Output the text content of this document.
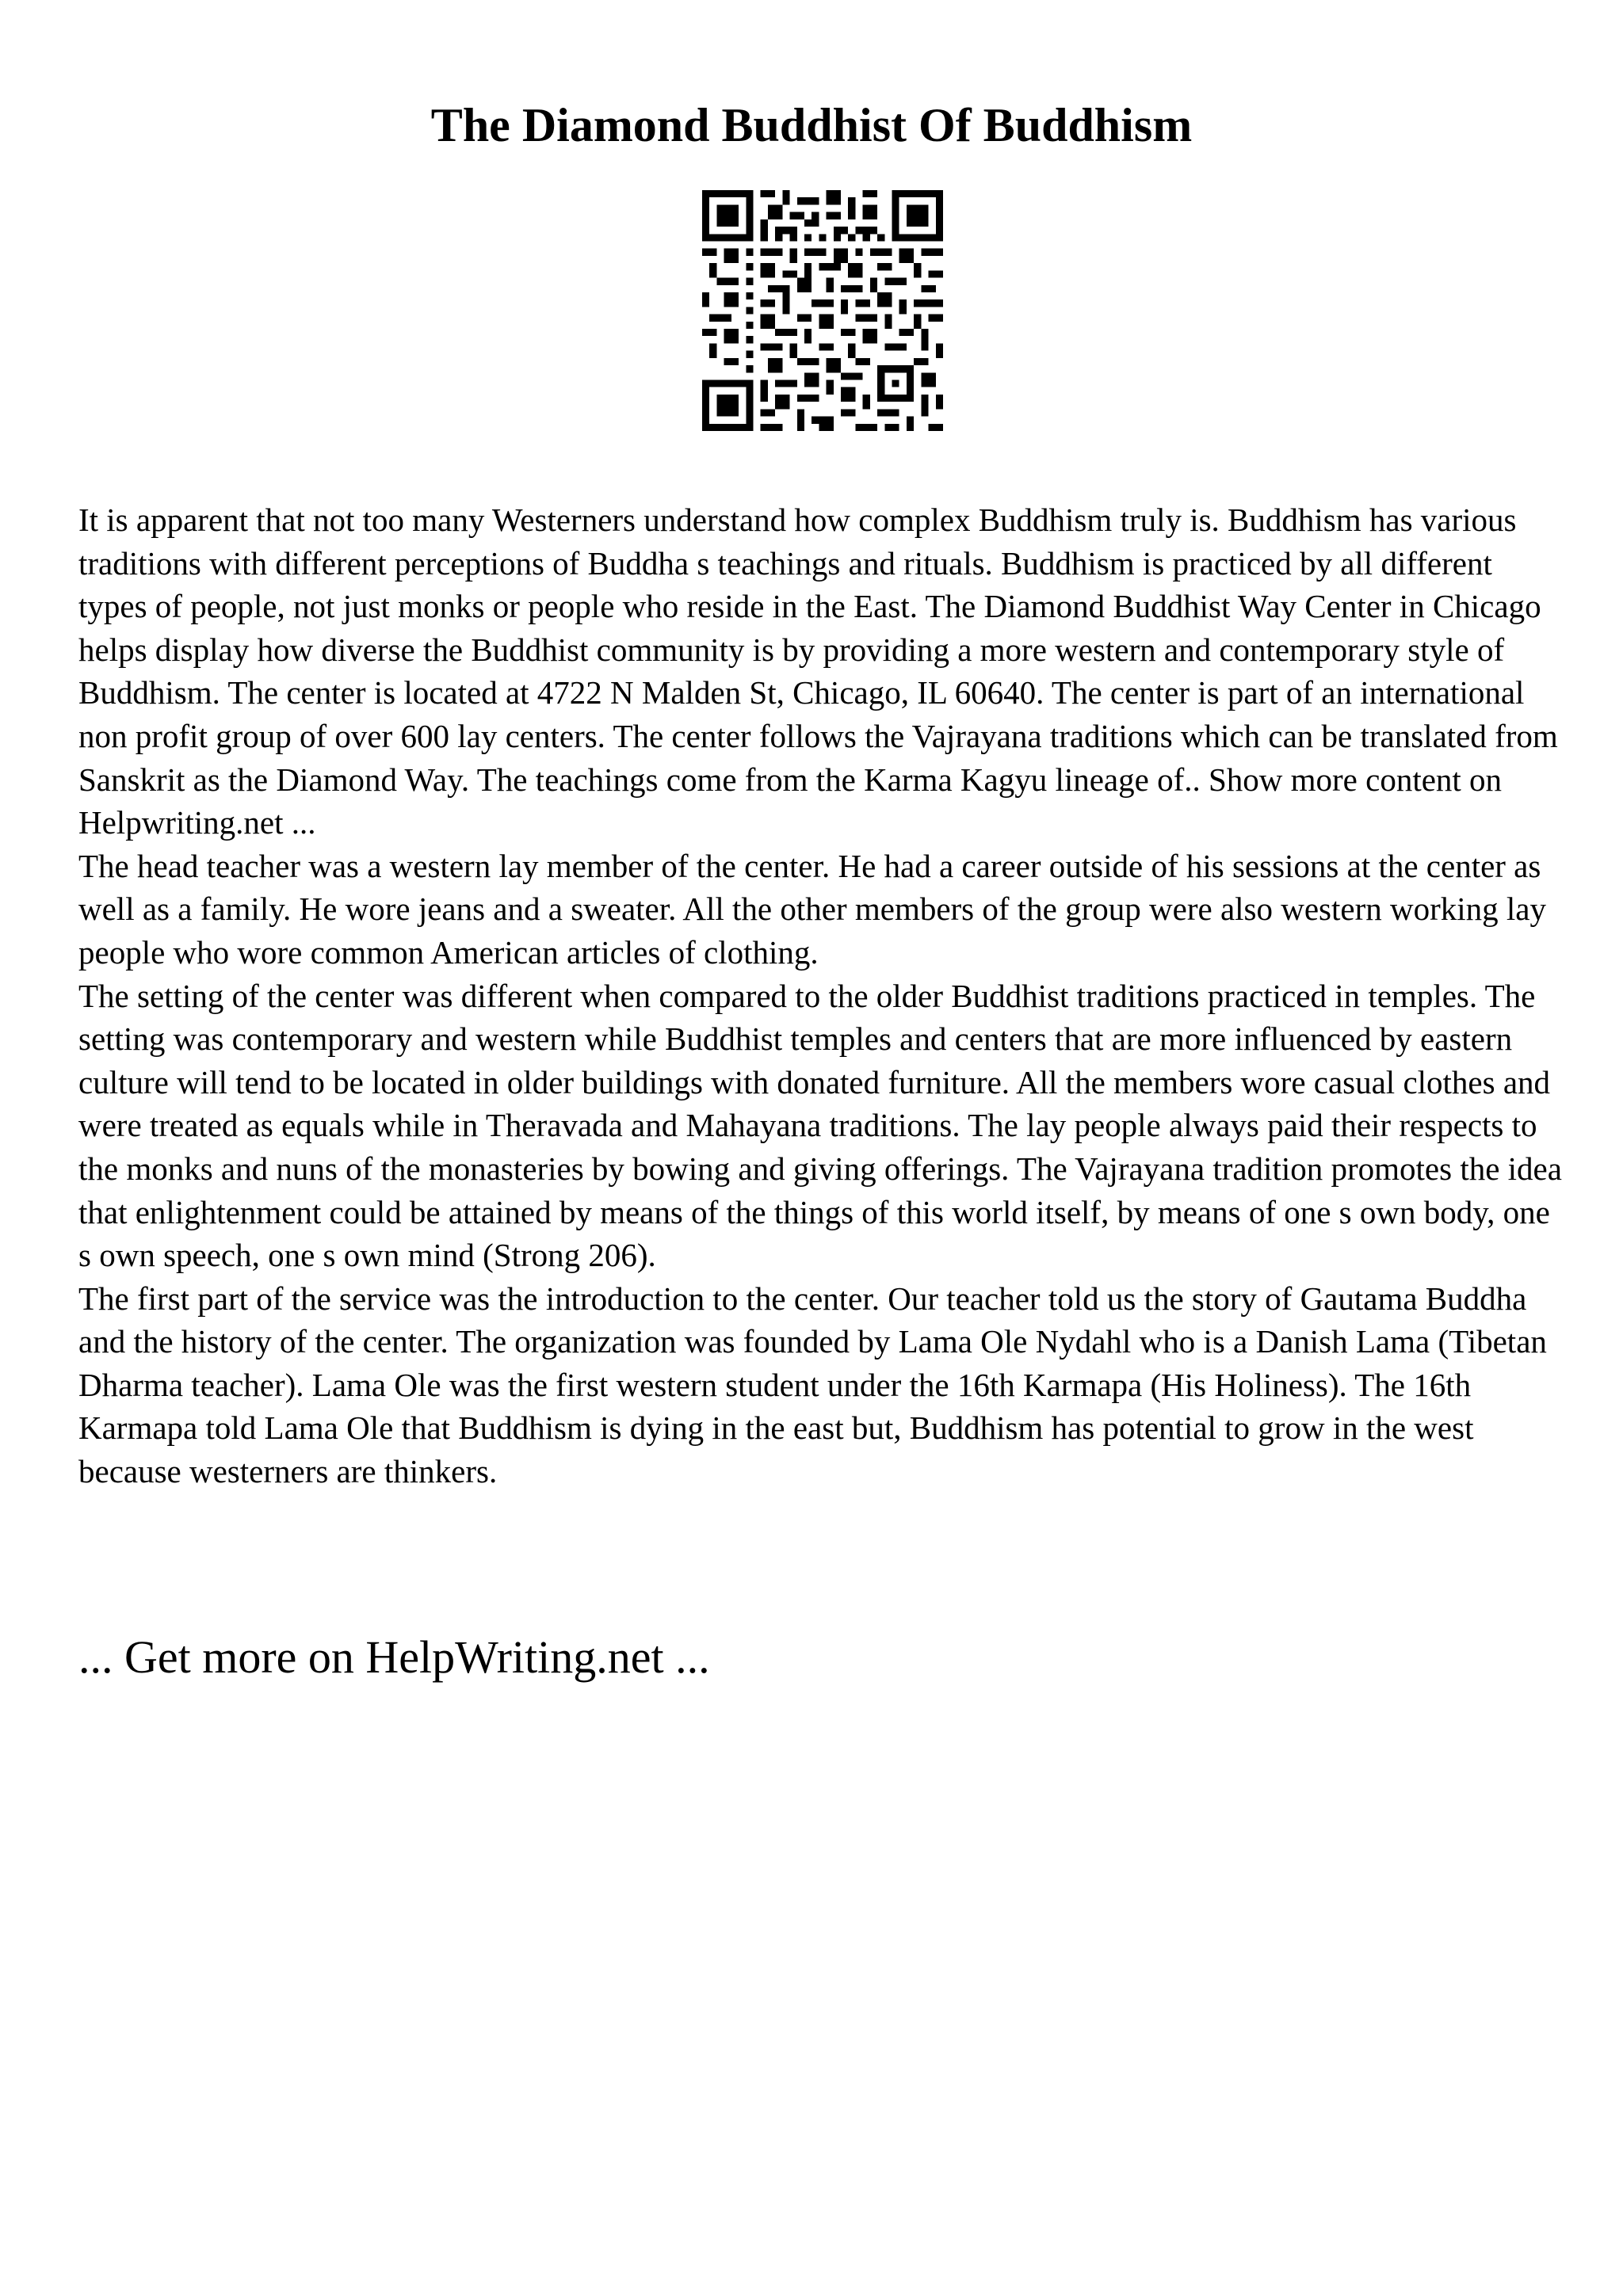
The Diamond Buddhist Of Buddhism

It is apparent that not too many Westerners understand how complex Buddhism truly is. Buddhism has various traditions with different perceptions of Buddha s teachings and rituals. Buddhism is practiced by all different types of people, not just monks or people who reside in the East. The Diamond Buddhist Way Center in Chicago helps display how diverse the Buddhist community is by providing a more western and contemporary style of Buddhism. The center is located at 4722 N Malden St, Chicago, IL 60640. The center is part of an international non profit group of over 600 lay centers. The center follows the Vajrayana traditions which can be translated from Sanskrit as the Diamond Way. The teachings come from the Karma Kagyu lineage of.. Show more content on Helpwriting.net ...

The head teacher was a western lay member of the center. He had a career outside of his sessions at the center as well as a family. He wore jeans and a sweater. All the other members of the group were also western working lay people who wore common American articles of clothing.

The setting of the center was different when compared to the older Buddhist traditions practiced in temples. The setting was contemporary and western while Buddhist temples and centers that are more influenced by eastern culture will tend to be located in older buildings with donated furniture. All the members wore casual clothes and were treated as equals while in Theravada and Mahayana traditions. The lay people always paid their respects to the monks and nuns of the monasteries by bowing and giving offerings. The Vajrayana tradition promotes the idea that enlightenment could be attained by means of the things of this world itself, by means of one s own body, one s own speech, one s own mind (Strong 206).

The first part of the service was the introduction to the center. Our teacher told us the story of Gautama Buddha and the history of the center. The organization was founded by Lama Ole Nydahl who is a Danish Lama (Tibetan Dharma teacher). Lama Ole was the first western student under the 16th Karmapa (His Holiness). The 16th Karmapa told Lama Ole that Buddhism is dying in the east but, Buddhism has potential to grow in the west because westerners are thinkers.

... Get more on HelpWriting.net ...
